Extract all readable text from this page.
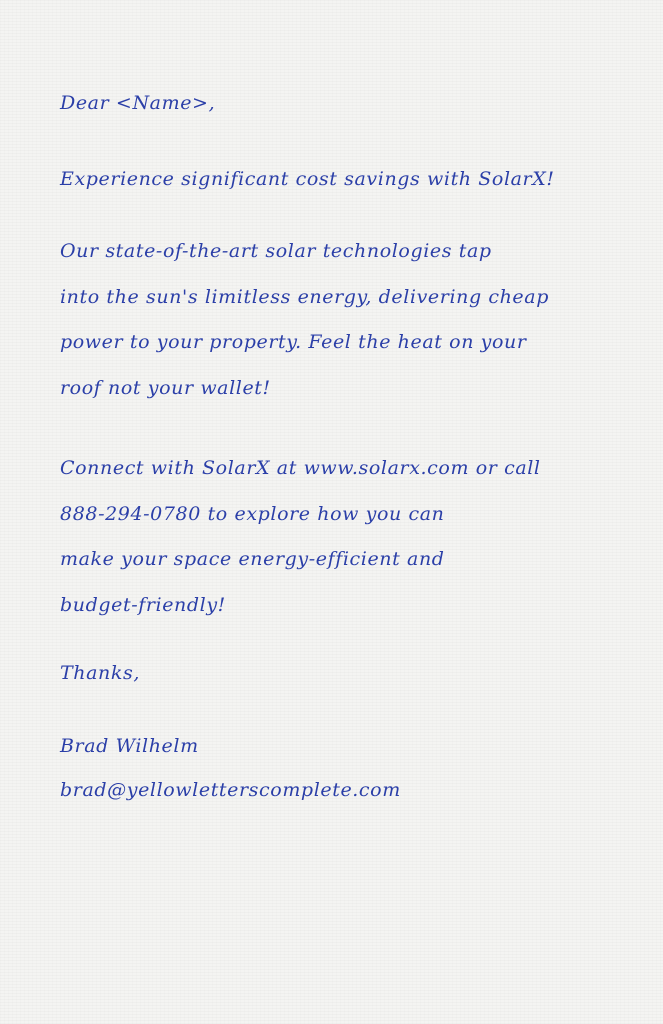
Dear <Name>,
Experience significant cost savings with SolarX!
Our state-of-the-art solar technologies tap
into the sun's limitless energy, delivering cheap
power to your property. Feel the heat on your
roof not your wallet!
Connect with SolarX at www.solarx.com or call
888-294-0780 to explore how you can
make your space energy-efficient and
budget-friendly!
Thanks,
Brad Wilhelm
brad@yellowletterscomplete.com
